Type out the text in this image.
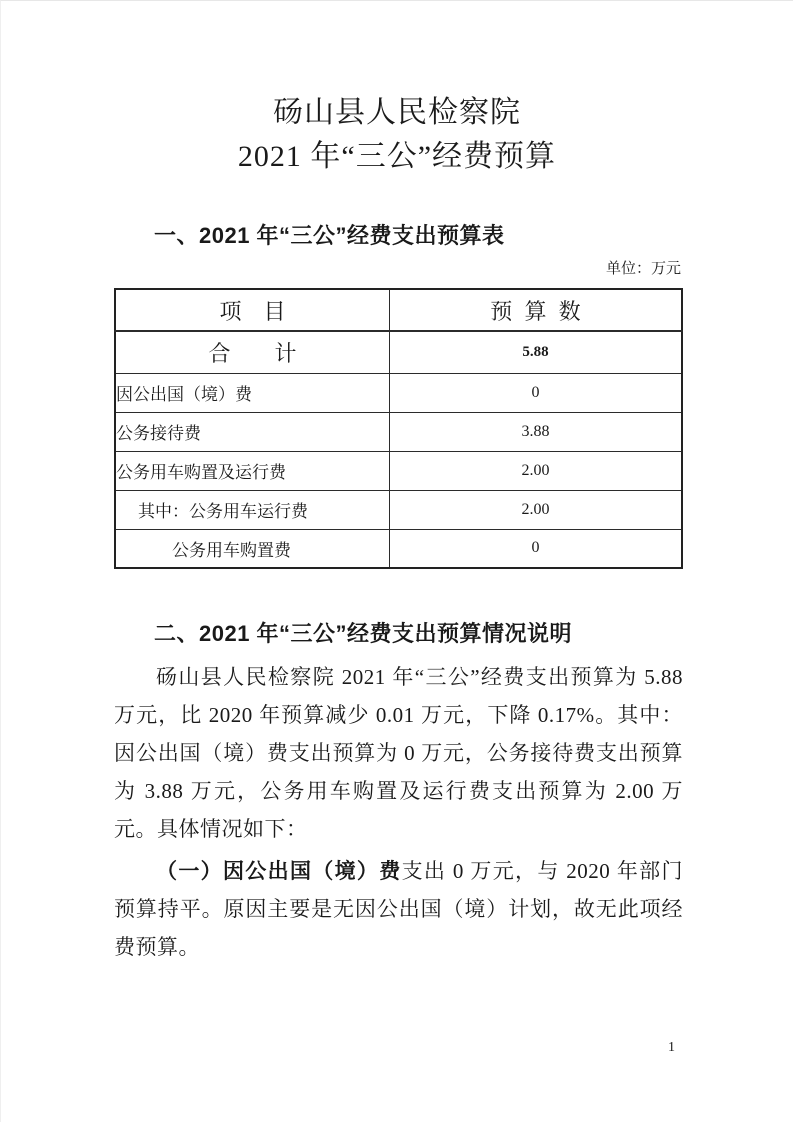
砀山县人民检察院
2021 年“三公”经费预算
一、2021 年“三公”经费支出预算表
单位：万元
项　目	预  算  数
合　　计	5.88
因公出国（境）费	0
公务接待费	3.88
公务用车购置及运行费	2.00
其中：公务用车运行费	2.00
公务用车购置费	0
二、2021 年“三公”经费支出预算情况说明

砀山县人民检察院 2021 年“三公”经费支出预算为 5.88 万元，比 2020 年预算减少 0.01 万元，下降 0.17%。其中：因公出国（境）费支出预算为 0 万元，公务接待费支出预算为 3.88 万元，公务用车购置及运行费支出预算为 2.00 万元。具体情况如下：

（一）因公出国（境）费支出 0 万元，与 2020 年部门预算持平。原因主要是无因公出国（境）计划，故无此项经费预算。

1
